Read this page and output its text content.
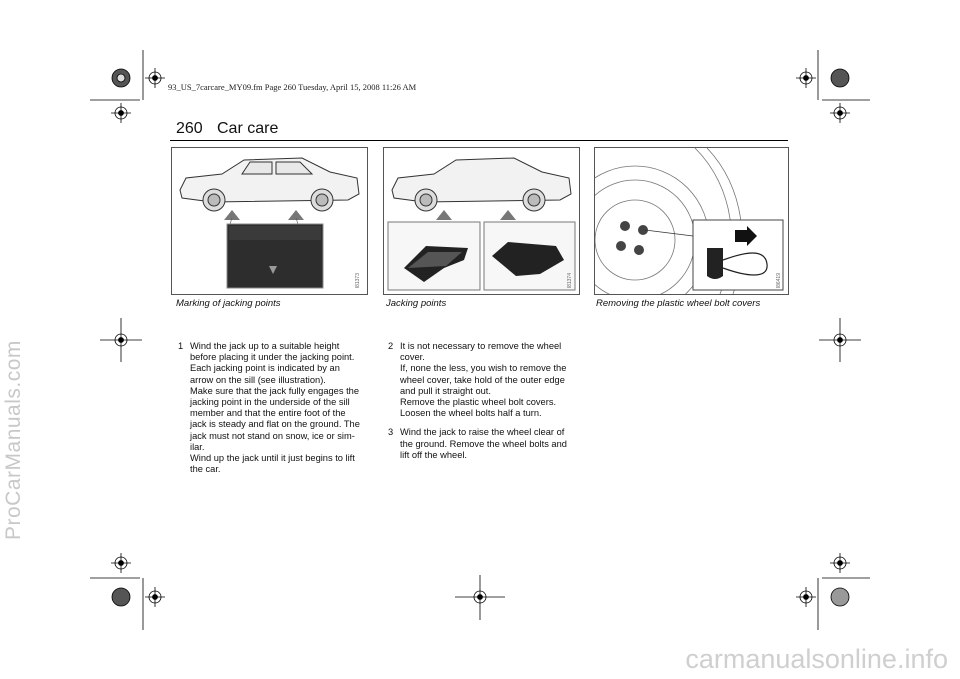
ProCarManuals.com
carmanualsonline.info
93_US_7carcare_MY09.fm Page 260 Tuesday, April 15, 2008 11:26 AM
260 Car care
I81373
Marking of jacking points
I81374
Jacking points
I86419
Removing the plastic wheel bolt covers
1 Wind the jack up to a suitable height
before placing it under the jacking point.
Each jacking point is indicated by an
arrow on the sill (see illustration).
Make sure that the jack fully engages the
jacking point in the underside of the sill
member and that the entire foot of the
jack is steady and flat on the ground. The
jack must not stand on snow, ice or sim-
ilar.
Wind up the jack until it just begins to lift
the car.
2 It is not necessary to remove the wheel
cover.
If, none the less, you wish to remove the
wheel cover, take hold of the outer edge
and pull it straight out.
Remove the plastic wheel bolt covers.
Loosen the wheel bolts half a turn.
3 Wind the jack to raise the wheel clear of
the ground. Remove the wheel bolts and
lift off the wheel.
